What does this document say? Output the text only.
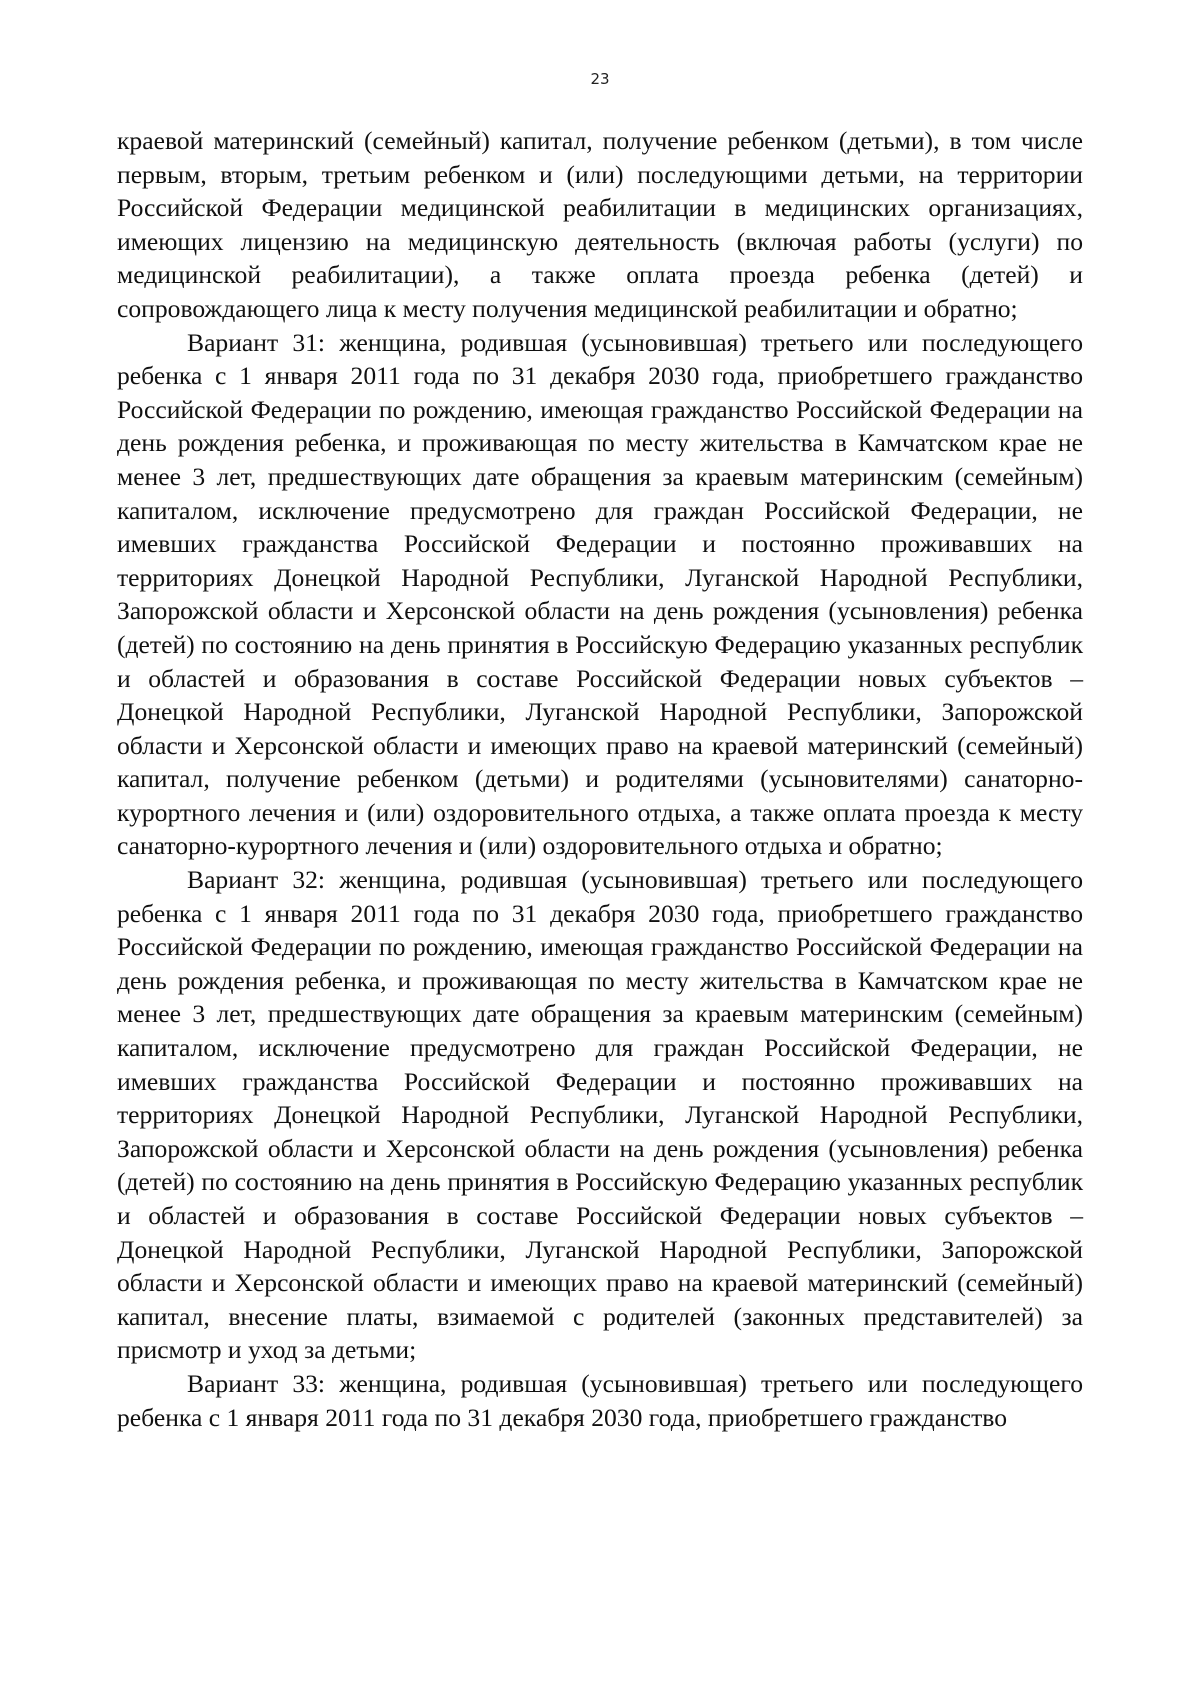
23

краевой материнский (семейный) капитал, получение ребенком (детьми), в том числе первым, вторым, третьим ребенком и (или) последующими детьми, на территории Российской Федерации медицинской реабилитации в медицинских организациях, имеющих лицензию на медицинскую деятельность (включая работы (услуги) по медицинской реабилитации), а также оплата проезда ребенка (детей) и сопровождающего лица к месту получения медицинской реабилитации и обратно;

Вариант 31: женщина, родившая (усыновившая) третьего или последующего ребенка с 1 января 2011 года по 31 декабря 2030 года, приобретшего гражданство Российской Федерации по рождению, имеющая гражданство Российской Федерации на день рождения ребенка, и проживающая по месту жительства в Камчатском крае не менее 3 лет, предшествующих дате обращения за краевым материнским (семейным) капиталом, исключение предусмотрено для граждан Российской Федерации, не имевших гражданства Российской Федерации и постоянно проживавших на территориях Донецкой Народной Республики, Луганской Народной Республики, Запорожской области и Херсонской области на день рождения (усыновления) ребенка (детей) по состоянию на день принятия в Российскую Федерацию указанных республик и областей и образования в составе Российской Федерации новых субъектов – Донецкой Народной Республики, Луганской Народной Республики, Запорожской области и Херсонской области и имеющих право на краевой материнский (семейный) капитал, получение ребенком (детьми) и родителями (усыновителями) санаторно-курортного лечения и (или) оздоровительного отдыха, а также оплата проезда к месту санаторно-курортного лечения и (или) оздоровительного отдыха и обратно;

Вариант 32: женщина, родившая (усыновившая) третьего или последующего ребенка с 1 января 2011 года по 31 декабря 2030 года, приобретшего гражданство Российской Федерации по рождению, имеющая гражданство Российской Федерации на день рождения ребенка, и проживающая по месту жительства в Камчатском крае не менее 3 лет, предшествующих дате обращения за краевым материнским (семейным) капиталом, исключение предусмотрено для граждан Российской Федерации, не имевших гражданства Российской Федерации и постоянно проживавших на территориях Донецкой Народной Республики, Луганской Народной Республики, Запорожской области и Херсонской области на день рождения (усыновления) ребенка (детей) по состоянию на день принятия в Российскую Федерацию указанных республик и областей и образования в составе Российской Федерации новых субъектов – Донецкой Народной Республики, Луганской Народной Республики, Запорожской области и Херсонской области и имеющих право на краевой материнский (семейный) капитал, внесение платы, взимаемой с родителей (законных представителей) за присмотр и уход за детьми;

Вариант 33: женщина, родившая (усыновившая) третьего или последующего ребенка с 1 января 2011 года по 31 декабря 2030 года, приобретшего гражданство
